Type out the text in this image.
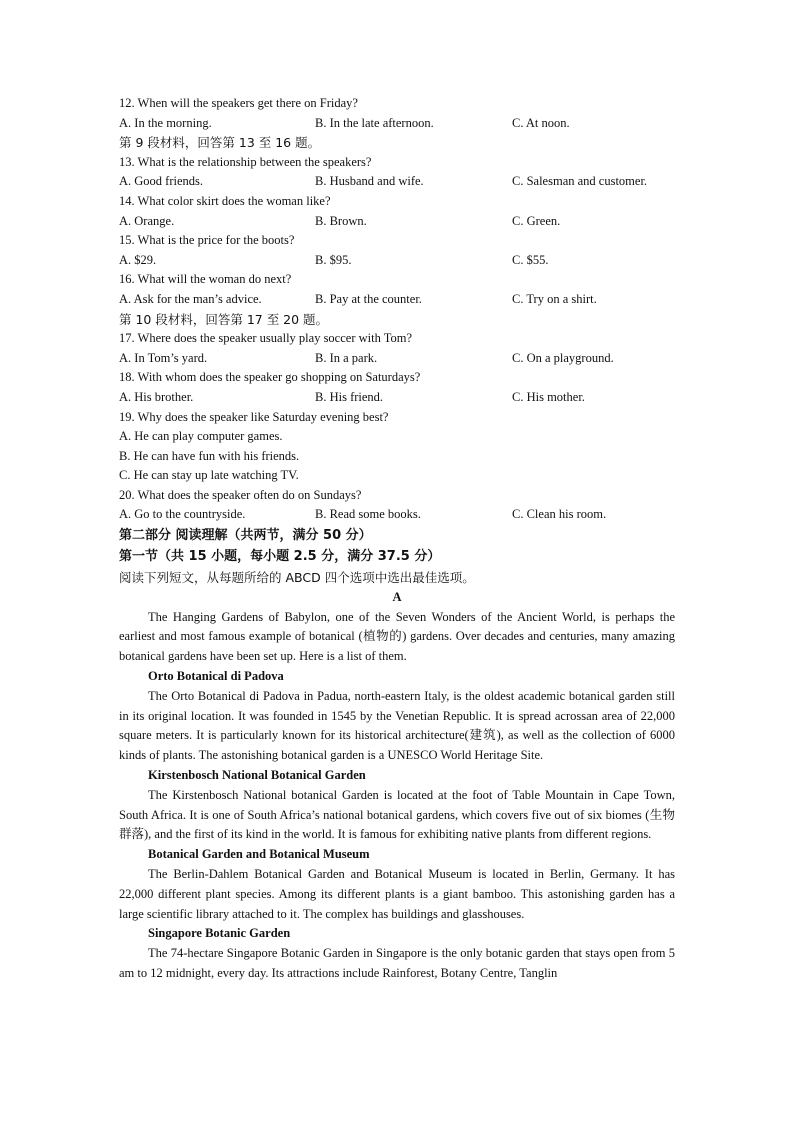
12. When will the speakers get there on Friday?
A. In the morning.	B. In the late afternoon.	C. At noon.
第 9 段材料，回答第 13 至 16 题。
13. What is the relationship between the speakers?
A. Good friends.	B. Husband and wife.	C. Salesman and customer.
14. What color skirt does the woman like?
A. Orange.	B. Brown.	C. Green.
15. What is the price for the boots?
A. $29.	B. $95.	C. $55.
16. What will the woman do next?
A. Ask for the man’s advice.	B. Pay at the counter.	C. Try on a shirt.
第 10 段材料，回答第 17 至 20 题。
17. Where does the speaker usually play soccer with Tom?
A. In Tom’s yard.	B. In a park.	C. On a playground.
18. With whom does the speaker go shopping on Saturdays?
A. His brother.	B. His friend.	C. His mother.
19. Why does the speaker like Saturday evening best?
A. He can play computer games.
B. He can have fun with his friends.
C. He can stay up late watching TV.
20. What does the speaker often do on Sundays?
A. Go to the countryside.	B. Read some books.	C. Clean his room.
第二部分 阅读理解（共两节，满分 50 分）
第一节（共 15 小题，每小题 2.5 分，满分 37.5 分）
阅读下列短文，从每题所给的 ABCD 四个选项中选出最佳选项。
A
The Hanging Gardens of Babylon, one of the Seven Wonders of the Ancient World, is perhaps the earliest and most famous example of botanical (植物的) gardens. Over decades and centuries, many amazing botanical gardens have been set up. Here is a list of them.
Orto Botanical di Padova
The Orto Botanical di Padova in Padua, north-eastern Italy, is the oldest academic botanical garden still in its original location. It was founded in 1545 by the Venetian Republic. It is spread acrossan area of 22,000 square meters. It is particularly known for its historical architecture(建筑), as well as the collection of 6000 kinds of plants. The astonishing botanical garden is a UNESCO World Heritage Site.
Kirstenbosch National Botanical Garden
The Kirstenbosch National botanical Garden is located at the foot of Table Mountain in Cape Town, South Africa. It is one of South Africa’s national botanical gardens, which covers five out of six biomes (生物群落), and the first of its kind in the world. It is famous for exhibiting native plants from different regions.
Botanical Garden and Botanical Museum
The Berlin-Dahlem Botanical Garden and Botanical Museum is located in Berlin, Germany. It has 22,000 different plant species. Among its different plants is a giant bamboo. This astonishing garden has a large scientific library attached to it. The complex has buildings and glasshouses.
Singapore Botanic Garden
The 74-hectare Singapore Botanic Garden in Singapore is the only botanic garden that stays open from 5 am to 12 midnight, every day. Its attractions include Rainforest, Botany Centre, Tanglin
